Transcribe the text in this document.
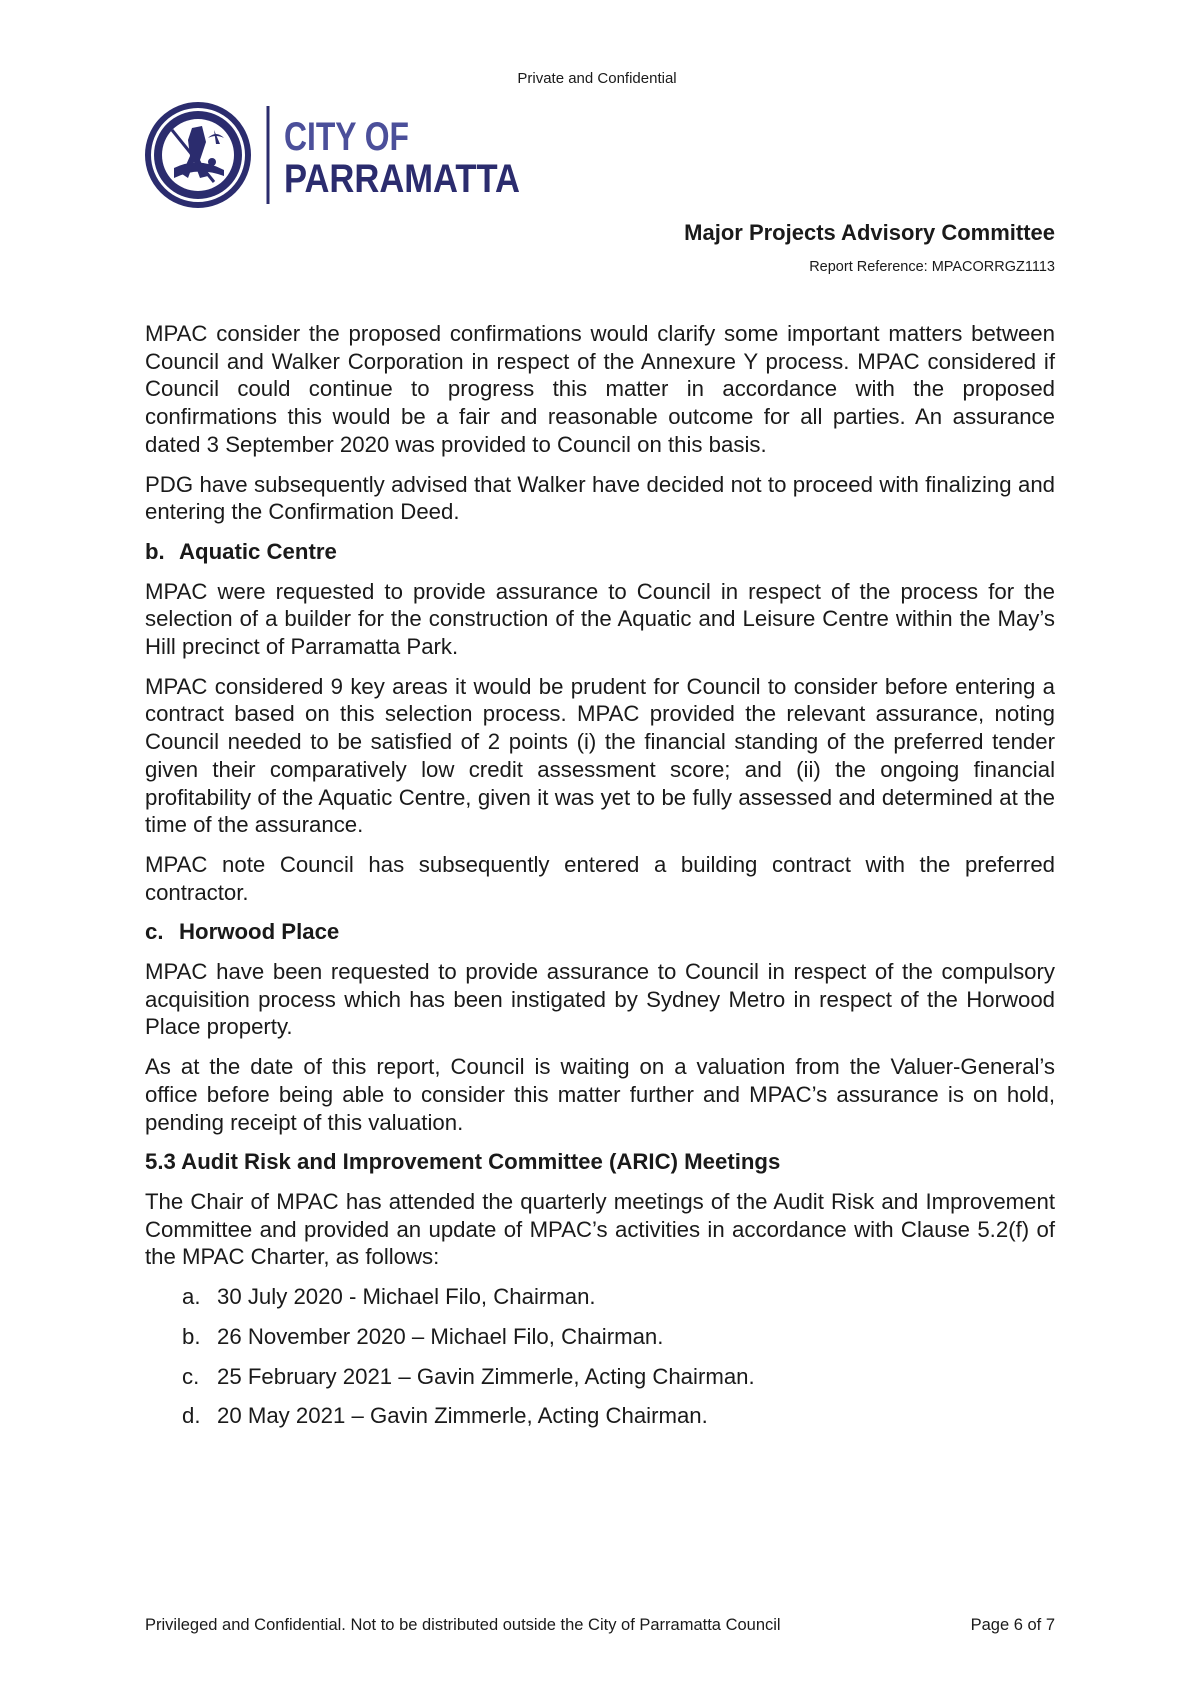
Private and Confidential
CITY OF
PARRAMATTA
Major Projects Advisory Committee
Report Reference: MPACORRGZ1113

MPAC consider the proposed confirmations would clarify some important matters between Council and Walker Corporation in respect of the Annexure Y process. MPAC considered if Council could continue to progress this matter in accordance with the proposed confirmations this would be a fair and reasonable outcome for all parties. An assurance dated 3 September 2020 was provided to Council on this basis.

PDG have subsequently advised that Walker have decided not to proceed with finalizing and entering the Confirmation Deed.

b. Aquatic Centre

MPAC were requested to provide assurance to Council in respect of the process for the selection of a builder for the construction of the Aquatic and Leisure Centre within the May’s Hill precinct of Parramatta Park.

MPAC considered 9 key areas it would be prudent for Council to consider before entering a contract based on this selection process. MPAC provided the relevant assurance, noting Council needed to be satisfied of 2 points (i) the financial standing of the preferred tender given their comparatively low credit assessment score; and (ii) the ongoing financial profitability of the Aquatic Centre, given it was yet to be fully assessed and determined at the time of the assurance.

MPAC note Council has subsequently entered a building contract with the preferred contractor.

c. Horwood Place

MPAC have been requested to provide assurance to Council in respect of the compulsory acquisition process which has been instigated by Sydney Metro in respect of the Horwood Place property.

As at the date of this report, Council is waiting on a valuation from the Valuer-General’s office before being able to consider this matter further and MPAC’s assurance is on hold, pending receipt of this valuation.

5.3 Audit Risk and Improvement Committee (ARIC) Meetings

The Chair of MPAC has attended the quarterly meetings of the Audit Risk and Improvement Committee and provided an update of MPAC’s activities in accordance with Clause 5.2(f) of the MPAC Charter, as follows:

a. 30 July 2020 - Michael Filo, Chairman.
b. 26 November 2020 – Michael Filo, Chairman.
c. 25 February 2021 – Gavin Zimmerle, Acting Chairman.
d. 20 May 2021 – Gavin Zimmerle, Acting Chairman.
Privileged and Confidential. Not to be distributed outside the City of Parramatta Council	Page 6 of 7
